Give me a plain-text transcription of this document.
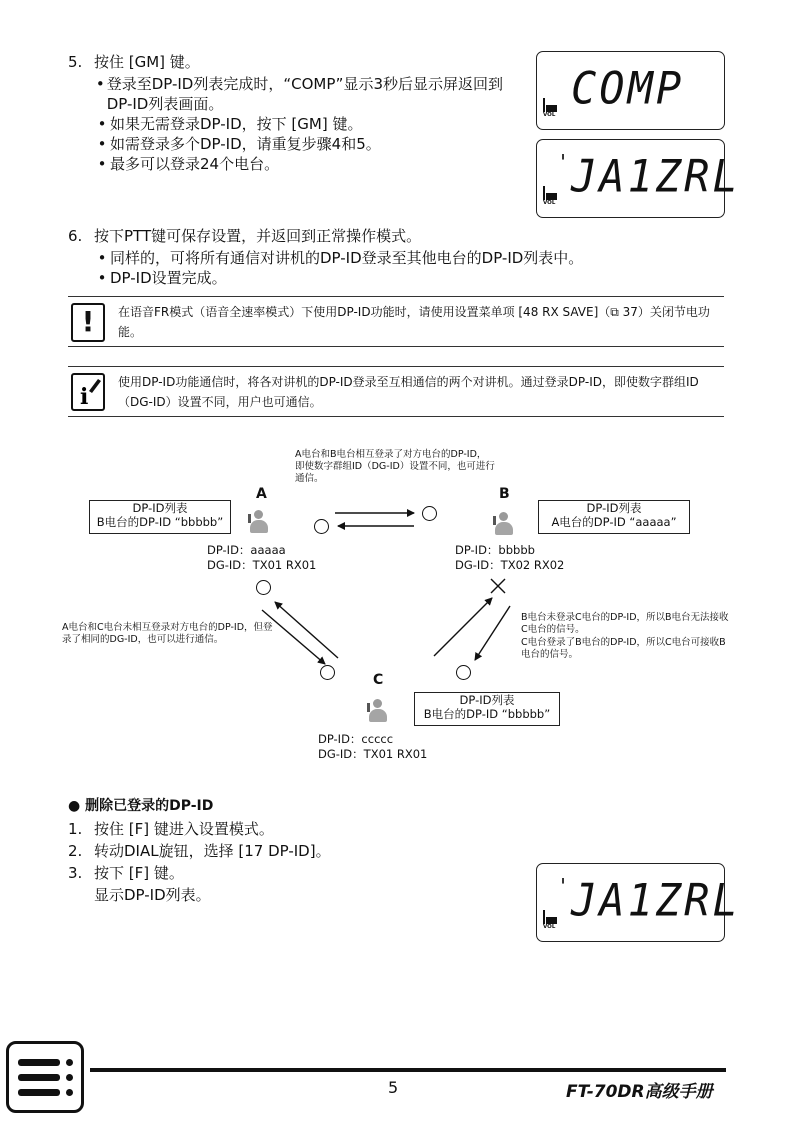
5. 按住 [GM] 键。
• 登录至DP-ID列表完成时，“COMP”显示3秒后显示屏返回到DP-ID列表画面。
• 如果无需登录DP-ID，按下 [GM] 键。
• 如需登录多个DP-ID，请重复步骤4和5。
• 最多可以登录24个电台。
COMP
VOL
' JA1ZRL
VOL
6. 按下PTT键可保存设置，并返回到正常操作模式。
• 同样的，可将所有通信对讲机的DP-ID登录至其他电台的DP-ID列表中。
• DP-ID设置完成。
!	在语音FR模式（语音全速率模式）下使用DP-ID功能时，请使用设置菜单项 [48 RX SAVE]（⧉ 37）关闭节电功能。
i
使用DP-ID功能通信时，将各对讲机的DP-ID登录至互相通信的两个对讲机。通过登录DP-ID，即使数字群组ID（DG-ID）设置不同，用户也可通信。
A电台和B电台相互登录了对方电台的DP-ID，即使数字群组ID（DG-ID）设置不同，也可进行通信。
A
DP-ID列表
B电台的DP-ID “bbbbb”
DP-ID：aaaaa
DG-ID：TX01 RX01
B
DP-ID列表
A电台的DP-ID “aaaaa”
DP-ID：bbbbb
DG-ID：TX02 RX02
C
DP-ID列表
B电台的DP-ID “bbbbb”
DP-ID：ccccc
DG-ID：TX01 RX01
A电台和C电台未相互登录对方电台的DP-ID，但登录了相同的DG-ID，也可以进行通信。
B电台未登录C电台的DP-ID，所以B电台无法接收C电台的信号。
C电台登录了B电台的DP-ID，所以C电台可接收B电台的信号。
● 删除已登录的DP-ID
1. 按住 [F] 键进入设置模式。
2. 转动DIAL旋钮，选择 [17 DP-ID]。
3. 按下 [F] 键。
显示DP-ID列表。	' JA1ZRL
VOL
5	FT-70DR高级手册
